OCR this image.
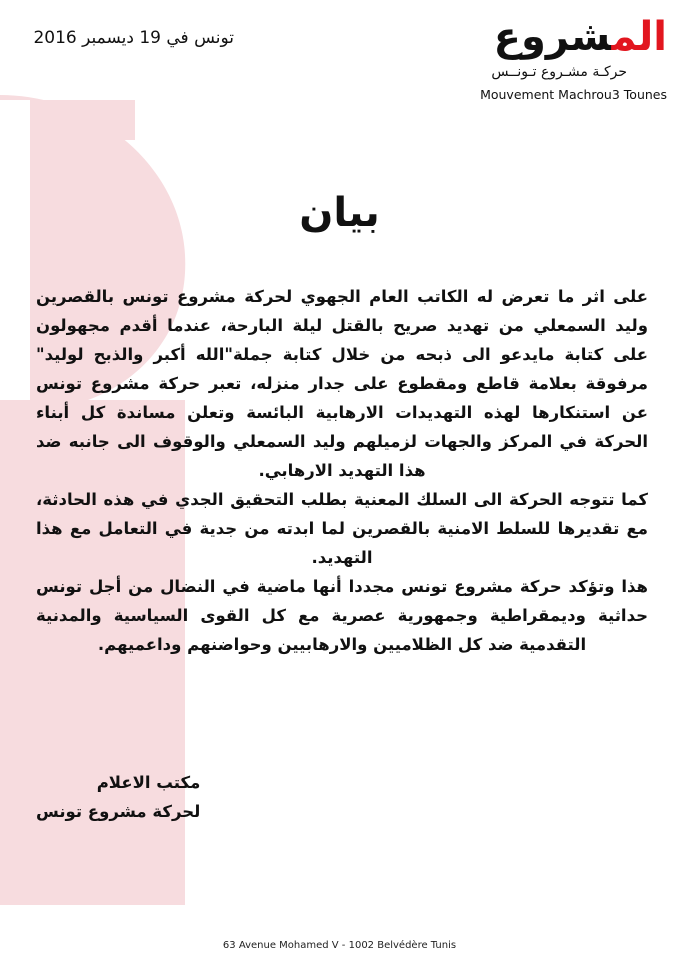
المشروع
حركـة مشـروع تـونــس
Mouvement Machrou3 Tounes
تونس في 19 ديسمبر 2016
بيان

على اثر ما تعرض له الكاتب العام الجهوي لحركة مشروع تونس بالقصرين وليد السمعلي من تهديد صريح بالقتل ليلة البارحة، عندما أقدم مجهولون على كتابة مايدعو الى ذبحه من خلال كتابة جملة"الله أكبر والذبح لوليد" مرفوقة بعلامة قاطع ومقطوع على جدار منزله، تعبر حركة مشروع تونس عن استنكارها لهذه التهديدات الارهابية البائسة وتعلن مساندة كل أبناء الحركة في المركز والجهات لزميلهم وليد السمعلي والوقوف الى جانبه ضد هذا التهديد الارهابي.

كما تتوجه الحركة الى السلك المعنية بطلب التحقيق الجدي في هذه الحادثة، مع تقديرها للسلط الامنية بالقصرين لما ابدته من جدية في التعامل مع هذا التهديد.

هذا وتؤكد حركة مشروع تونس مجددا أنها ماضية في النضال من أجل تونس حداثية وديمقراطية وجمهورية عصرية مع كل القوى السياسية والمدنية التقدمية ضد كل الظلاميين والارهابيين وحواضنهم وداعميهم.

مكتب الاعلام
لحركة مشروع تونس
63 Avenue Mohamed V - 1002 Belvédère Tunis
